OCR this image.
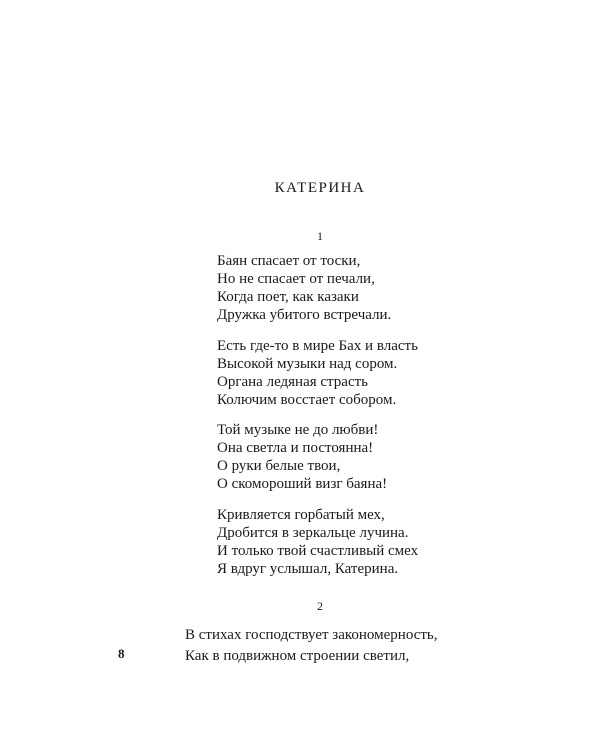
КАТЕРИНА
1
Баян спасает от тоски,
Но не спасает от печали,
Когда поет, как казаки
Дружка убитого встречали.
Есть где-то в мире Бах и власть
Высокой музыки над сором.
Органа ледяная страсть
Колючим восстает собором.
Той музыке не до любви!
Она светла и постоянна!
О руки белые твои,
О скоморoший визг баяна!
Кривляется горбатый мех,
Дробится в зеркальце лучина.
И только твой счастливый смех
Я вдруг услышал, Катерина.
2
В стихах господствует закономерность,
Как в подвижном строении светил,
8
